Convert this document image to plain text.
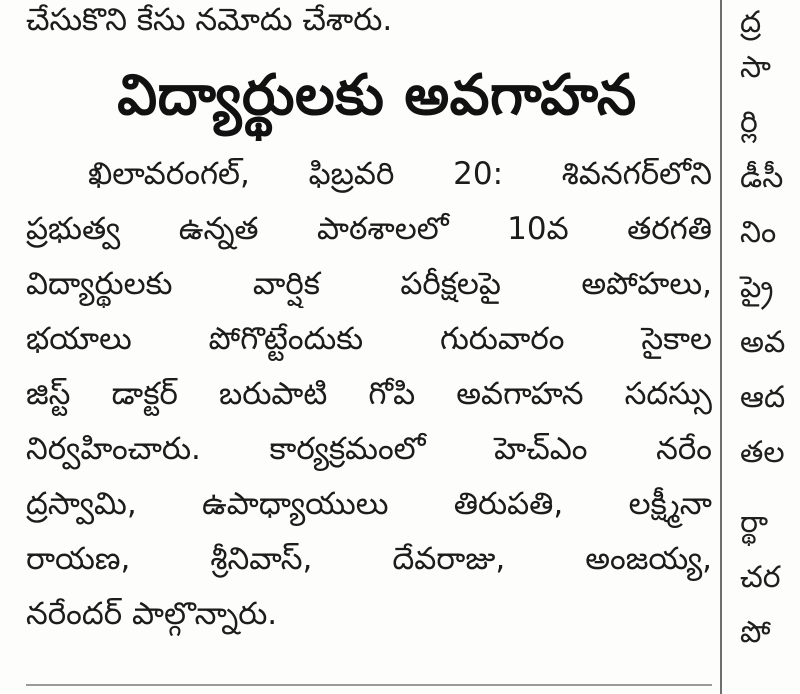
చేసుకొని కేసు నమోదు చేశారు.
విద్యార్థులకు అవగాహన
ఖిలావరంగల్, ఫిబ్రవరి 20: శివనగర్‌లోని
ప్రభుత్వ ఉన్నత పాఠశాలలో 10వ తరగతి
విద్యార్థులకు వార్షిక పరీక్షలపై అపోహలు,
భయాలు పోగొట్టేందుకు గురువారం సైకాల
జిస్ట్ డాక్టర్ బరుపాటి గోపి అవగాహన సదస్సు
నిర్వహించారు. కార్యక్రమంలో హెచ్‌ఎం నరేం
ద్రస్వామి, ఉపాధ్యాయులు తిరుపతి, లక్ష్మీనా
రాయణ, శ్రీనివాస్, దేవరాజు, అంజయ్య,
నరేందర్ పాల్గొన్నారు.
ద్ర
సా
ర్లి
డీసీ
నిం
ప్రై
అవ
ఆద
తల
ర్థా
చర
పో
